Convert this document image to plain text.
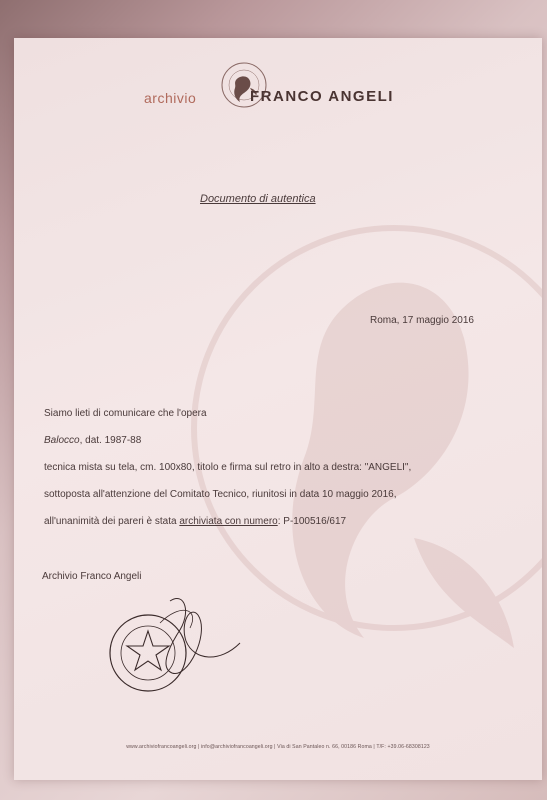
archivio	FRANCO ANGELI
Documento di autentica
Roma, 17 maggio 2016
Siamo lieti di comunicare che l'opera
Balocco, dat. 1987-88
tecnica mista su tela, cm. 100x80, titolo e firma sul retro in alto a destra: "ANGELI",
sottoposta all'attenzione del Comitato Tecnico, riunitosi in data 10 maggio 2016,
all'unanimità dei pareri è stata archiviata con numero: P-100516/617
Archivio Franco Angeli
www.archiviofrancoangeli.org | info@archiviofrancoangeli.org | Via di San Pantaleo n. 66, 00186 Roma | T/F: +39.06-68308123
